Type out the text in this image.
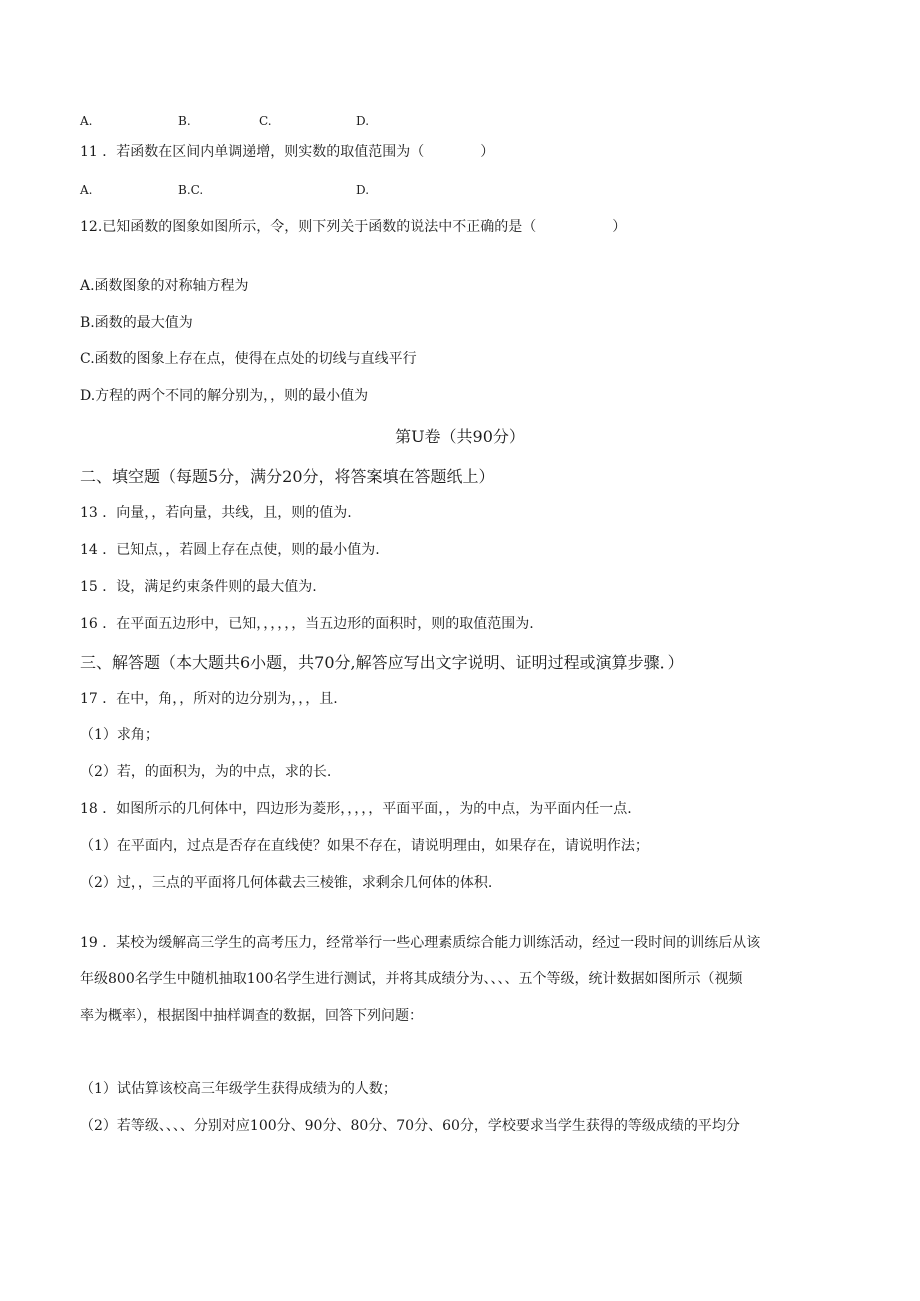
A.	B.	C.	D.
11 ．若函数在区间内单调递增，则实数的取值范围为（	）
A.	B.C.	D.
12.已知函数的图象如图所示，令，则下列关于函数的说法中不正确的是（	）
A.函数图象的对称轴方程为
B.函数的最大值为
C.函数的图象上存在点，使得在点处的切线与直线平行
D.方程的两个不同的解分别为，，则的最小值为
第U卷（共90分）
二、填空题（每题5分，满分20分，将答案填在答题纸上）
13 ．向量，，若向量，共线，且，则的值为.
14 ．已知点，，若圆上存在点使，则的最小值为.
15 ．设，满足约束条件则的最大值为.
16 ．在平面五边形中，已知，，，，，，当五边形的面积时，则的取值范围为.
三、解答题（本大题共6小题，共70分,解答应写出文字说明、证明过程或演算步骤．）
17 ．在中，角，，所对的边分别为，，，且.
（1）求角；
（2）若，的面积为，为的中点，求的长.
18 ．如图所示的几何体中，四边形为菱形，，，，，平面平面，，为的中点，为平面内任一点.
（1）在平面内，过点是否存在直线使？如果不存在，请说明理由，如果存在，请说明作法；
（2）过，，三点的平面将几何体截去三棱锥，求剩余几何体的体积.
19 ．某校为缓解高三学生的高考压力，经常举行一些心理素质综合能力训练活动，经过一段时间的训练后从该
年级800名学生中随机抽取100名学生进行测试，并将其成绩分为、、、、五个等级，统计数据如图所示（视频
率为概率），根据图中抽样调查的数据，回答下列问题：
（1）试估算该校高三年级学生获得成绩为的人数；
（2）若等级、、、、分别对应100分、90分、80分、70分、60分，学校要求当学生获得的等级成绩的平均分
